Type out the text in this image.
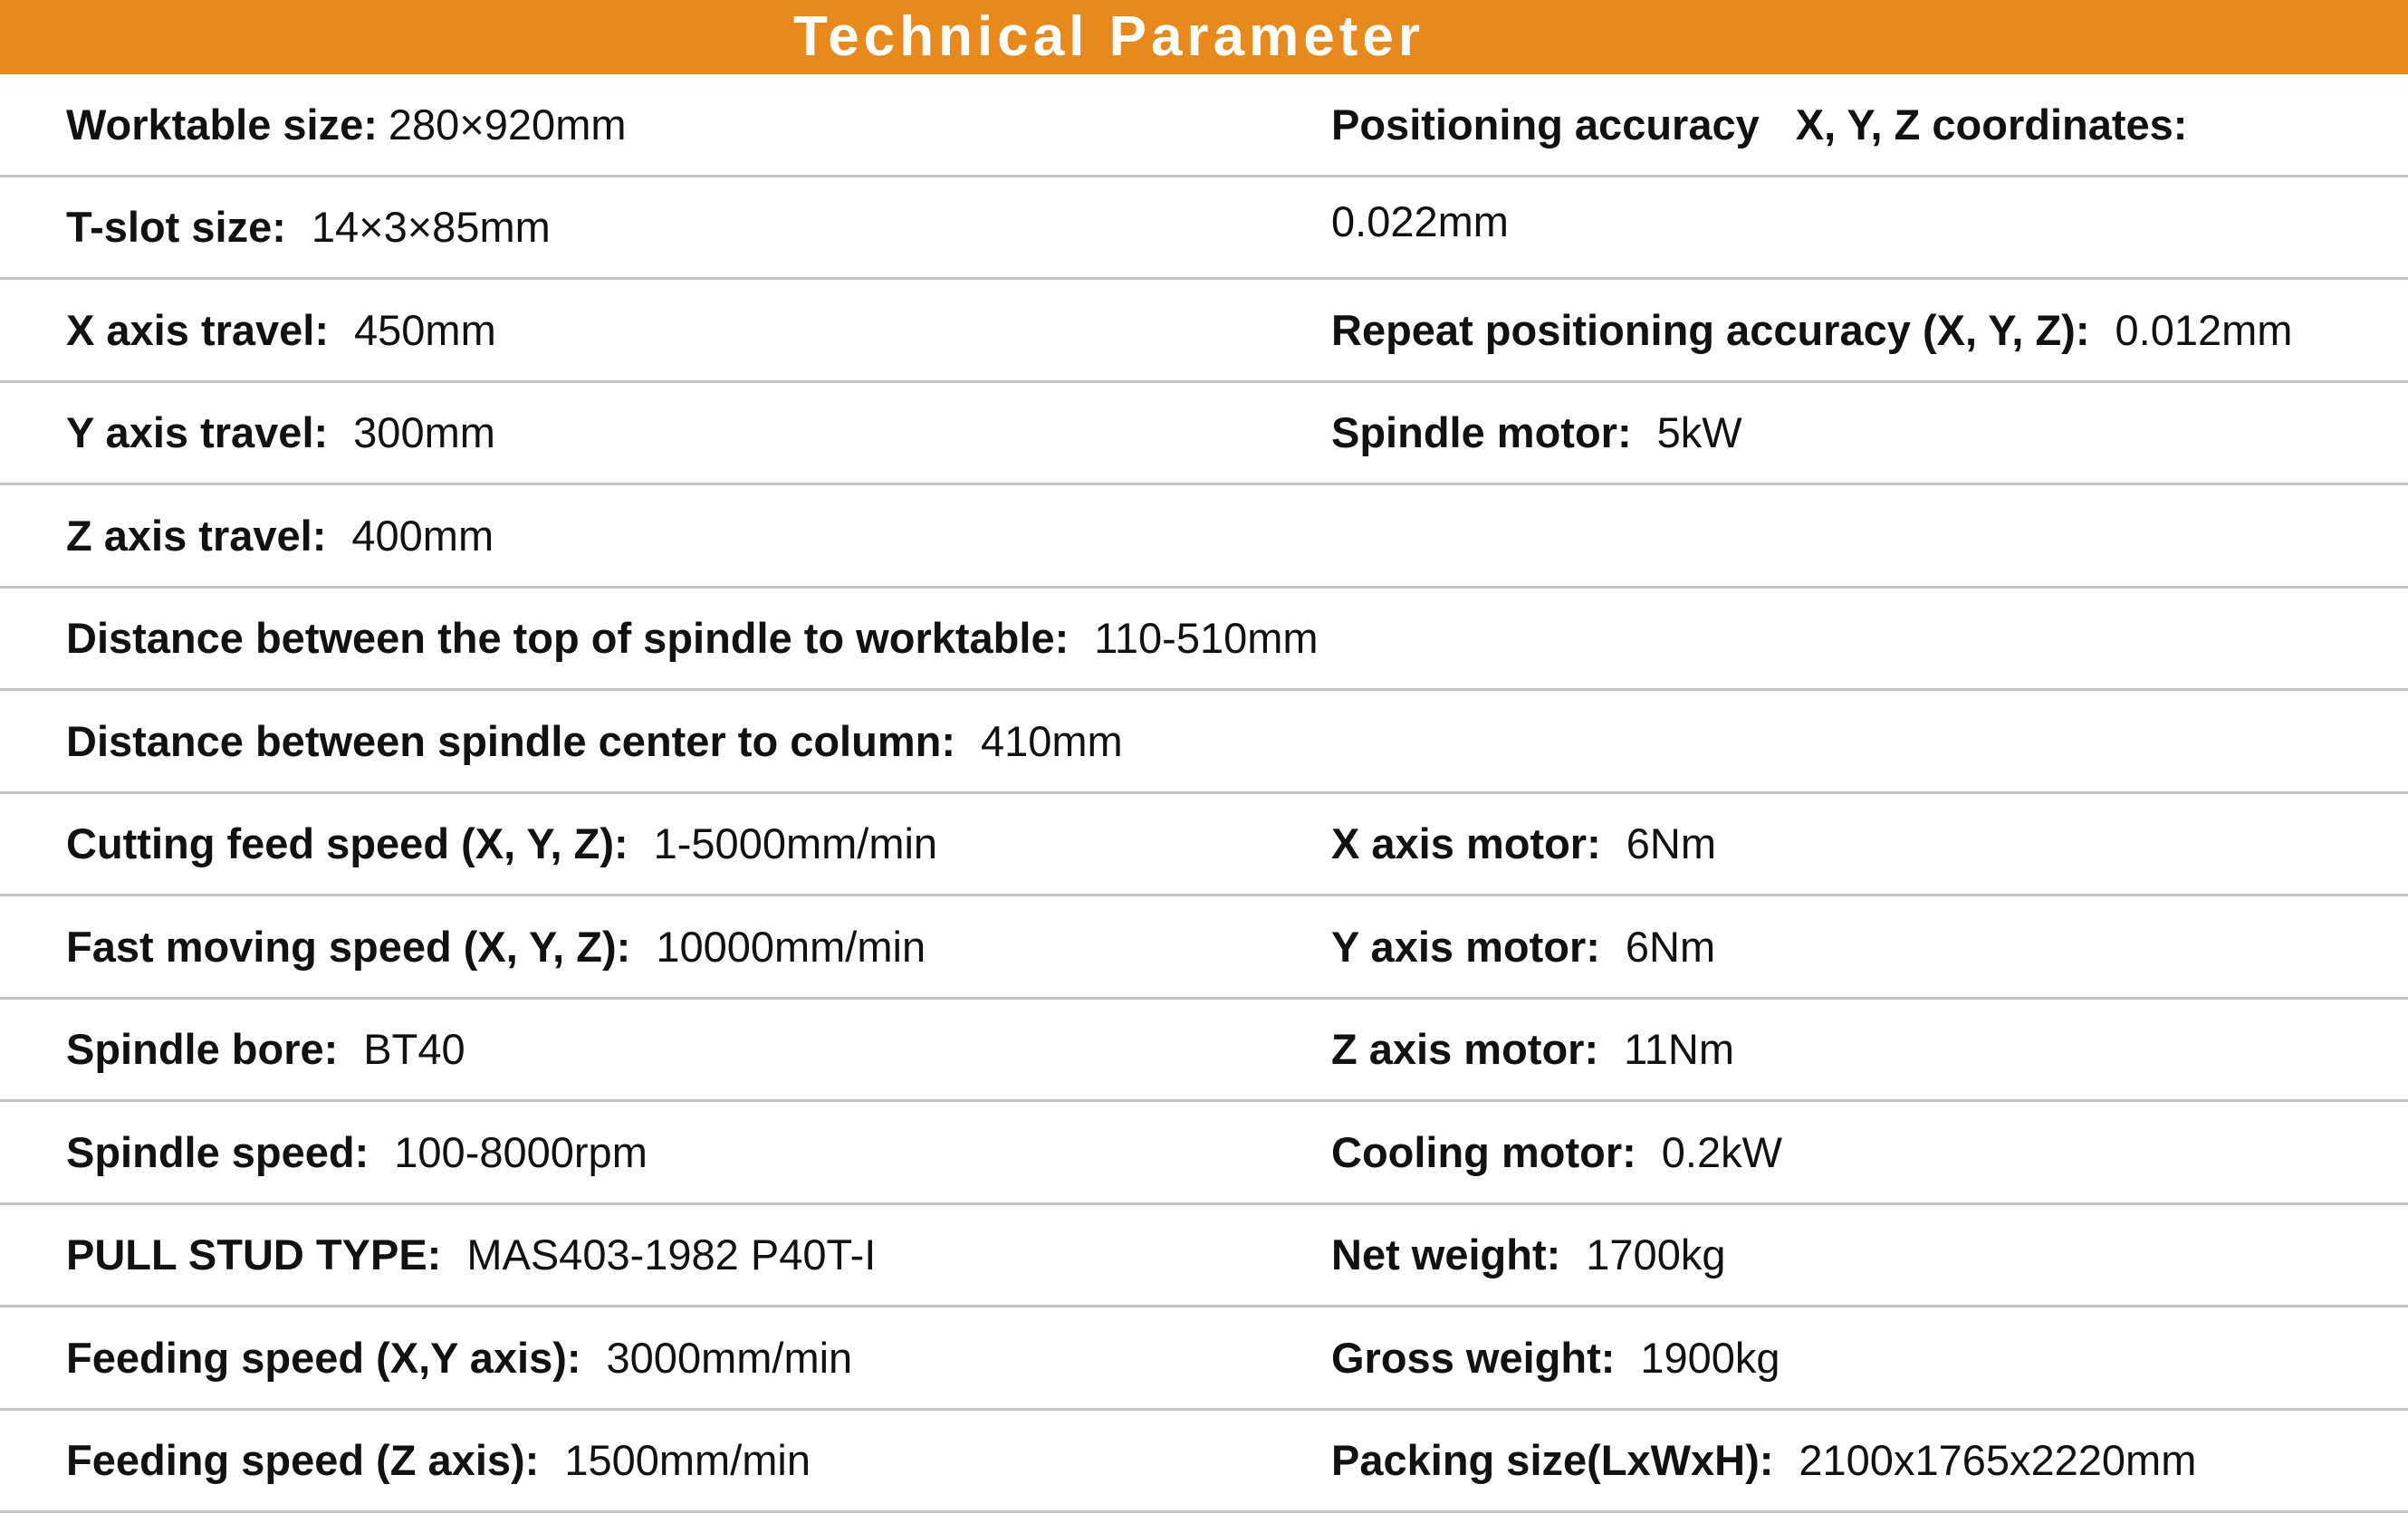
Technical Parameter
Worktable size: 280×920mm	Positioning accuracy X, Y, Z coordinates:
T-slot size: 14×3×85mm	0.022mm
X axis travel: 450mm	Repeat positioning accuracy (X, Y, Z): 0.012mm
Y axis travel: 300mm	Spindle motor: 5kW
Z axis travel: 400mm
Distance between the top of spindle to worktable: 110-510mm
Distance between spindle center to column: 410mm
Cutting feed speed (X, Y, Z): 1-5000mm/min	X axis motor: 6Nm
Fast moving speed (X, Y, Z): 10000mm/min	Y axis motor: 6Nm
Spindle bore: BT40	Z axis motor: 11Nm
Spindle speed: 100-8000rpm	Cooling motor: 0.2kW
PULL STUD TYPE: MAS403-1982 P40T-I	Net weight: 1700kg
Feeding speed (X,Y axis): 3000mm/min	Gross weight: 1900kg
Feeding speed (Z axis): 1500mm/min	Packing size(LxWxH): 2100x1765x2220mm
